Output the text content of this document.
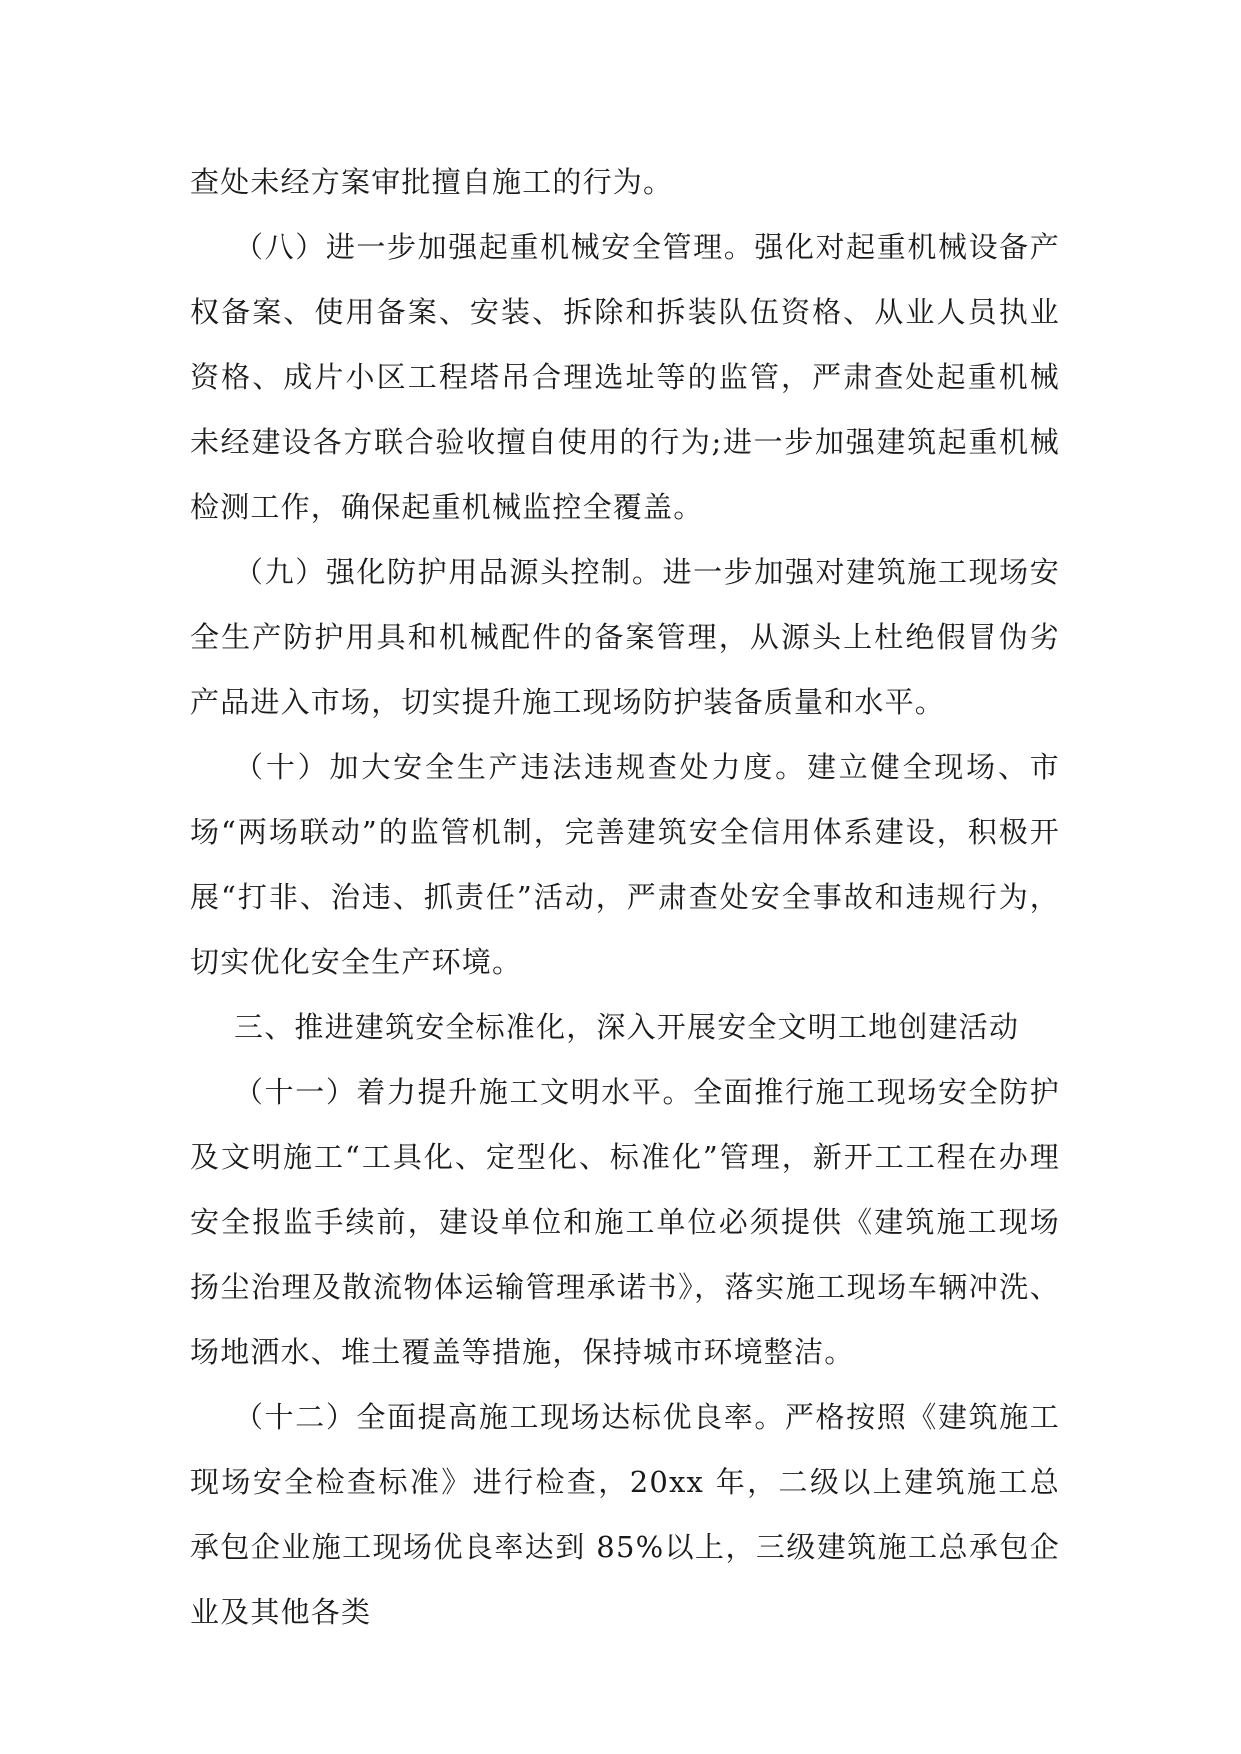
查处未经方案审批擅自施工的行为。

（八）进一步加强起重机械安全管理。强化对起重机械设备产权备案、使用备案、安装、拆除和拆装队伍资格、从业人员执业资格、成片小区工程塔吊合理选址等的监管，严肃查处起重机械未经建设各方联合验收擅自使用的行为;进一步加强建筑起重机械检测工作，确保起重机械监控全覆盖。

（九）强化防护用品源头控制。进一步加强对建筑施工现场安全生产防护用具和机械配件的备案管理，从源头上杜绝假冒伪劣产品进入市场，切实提升施工现场防护装备质量和水平。

（十）加大安全生产违法违规查处力度。建立健全现场、市场“两场联动”的监管机制，完善建筑安全信用体系建设，积极开展“打非、治违、抓责任”活动，严肃查处安全事故和违规行为，切实优化安全生产环境。

三、推进建筑安全标准化，深入开展安全文明工地创建活动

（十一）着力提升施工文明水平。全面推行施工现场安全防护及文明施工“工具化、定型化、标准化”管理，新开工工程在办理安全报监手续前，建设单位和施工单位必须提供《建筑施工现场扬尘治理及散流物体运输管理承诺书》，落实施工现场车辆冲洗、场地洒水、堆土覆盖等措施，保持城市环境整洁。

（十二）全面提高施工现场达标优良率。严格按照《建筑施工现场安全检查标准》进行检查，20xx 年，二级以上建筑施工总承包企业施工现场优良率达到 85%以上，三级建筑施工总承包企业及其他各类
